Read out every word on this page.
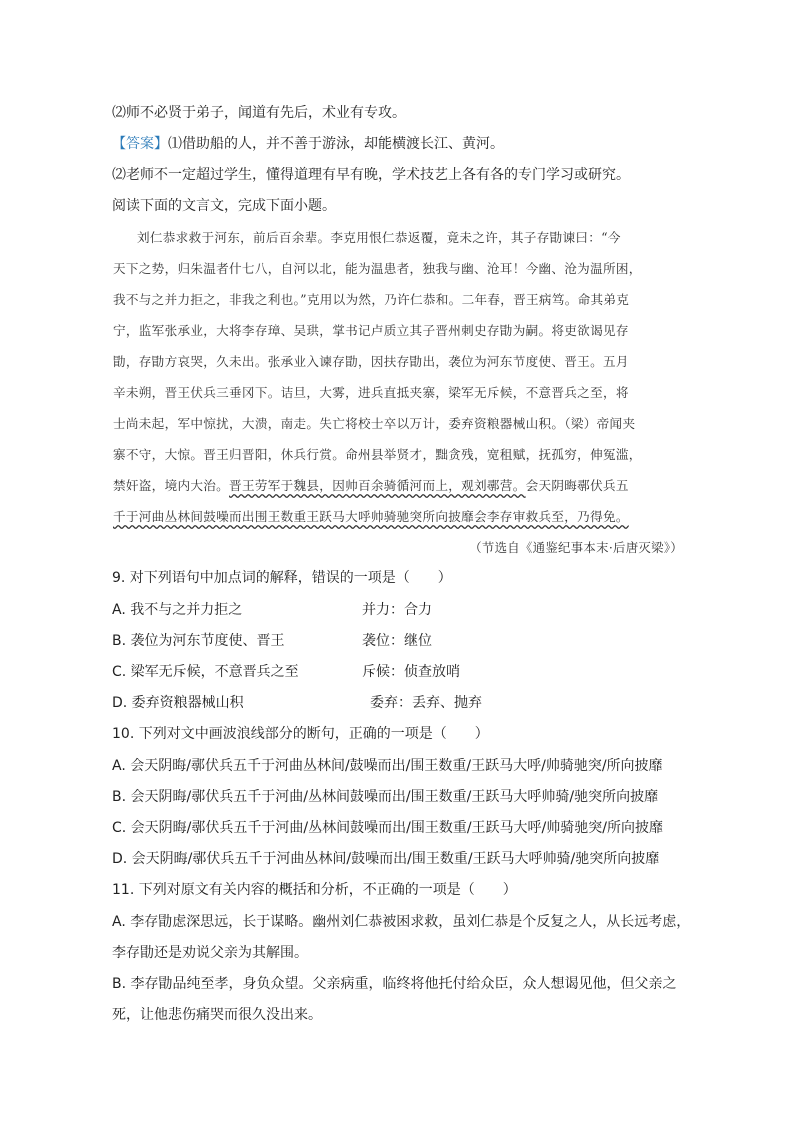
⑵师不必贤于弟子，闻道有先后，术业有专攻。
【答案】⑴借助船的人，并不善于游泳，却能横渡长江、黄河。
⑵老师不一定超过学生，懂得道理有早有晚，学术技艺上各有各的专门学习或研究。
阅读下面的文言文，完成下面小题。
刘仁恭求救于河东，前后百余辈。李克用恨仁恭返覆，竟未之许，其子存勖谏曰：“今
天下之势，归朱温者什七八，自河以北，能为温患者，独我与幽、沧耳！今幽、沧为温所困，
我不与之并力拒之，非我之利也。”克用以为然，乃许仁恭和。二年春，晋王病笃。命其弟克
宁，监军张承业，大将李存璋、吴珙，掌书记卢质立其子晋州刺史存勖为嗣。将吏欲谒见存
勖，存勖方哀哭，久未出。张承业入谏存勖，因扶存勖出，袭位为河东节度使、晋王。五月
辛未朔，晋王伏兵三垂冈下。诘旦，大雾，进兵直抵夹寨，梁军无斥候，不意晋兵之至，将
士尚未起，军中惊扰，大溃，南走。失亡将校士卒以万计，委弃资粮器械山积。（梁）帝闻夹
寨不守，大惊。晋王归晋阳，休兵行赏。命州县举贤才，黜贪残，宽租赋，抚孤穷，伸冤滥，
禁奸盗，境内大治。晋王劳军于魏县，因帅百余骑循河而上，观刘鄩营。会天阴晦鄩伏兵五
千于河曲丛林间鼓噪而出围王数重王跃马大呼帅骑驰突所向披靡会李存审救兵至，乃得免。
（节选自《通鉴纪事本末·后唐灭梁》）
9. 对下列语句中加点词的解释，错误的一项是（　　）
A. 我不与之并力拒之	并力：合力
B. 袭位为河东节度使、晋王	袭位：继位
C. 梁军无斥候，不意晋兵之至	斥候：侦查放哨
D. 委弃资粮器械山积	委弃：丢弃、抛弃
10. 下列对文中画波浪线部分的断句，正确的一项是（　　）
A. 会天阴晦/鄩伏兵五千于河曲丛林间/鼓噪而出/围王数重/王跃马大呼/帅骑驰突/所向披靡
B. 会天阴晦/鄩伏兵五千于河曲/丛林间鼓噪而出/围王数重/王跃马大呼帅骑/驰突所向披靡
C. 会天阴晦/鄩伏兵五千于河曲/丛林间鼓噪而出/围王数重/王跃马大呼/帅骑驰突/所向披靡
D. 会天阴晦/鄩伏兵五千于河曲丛林间/鼓噪而出/围王数重/王跃马大呼帅骑/驰突所向披靡
11. 下列对原文有关内容的概括和分析，不正确的一项是（　　）
A. 李存勖虑深思远，长于谋略。幽州刘仁恭被困求救，虽刘仁恭是个反复之人，从长远考虑，
李存勖还是劝说父亲为其解围。
B. 李存勖品纯至孝，身负众望。父亲病重，临终将他托付给众臣，众人想谒见他，但父亲之
死，让他悲伤痛哭而很久没出来。
